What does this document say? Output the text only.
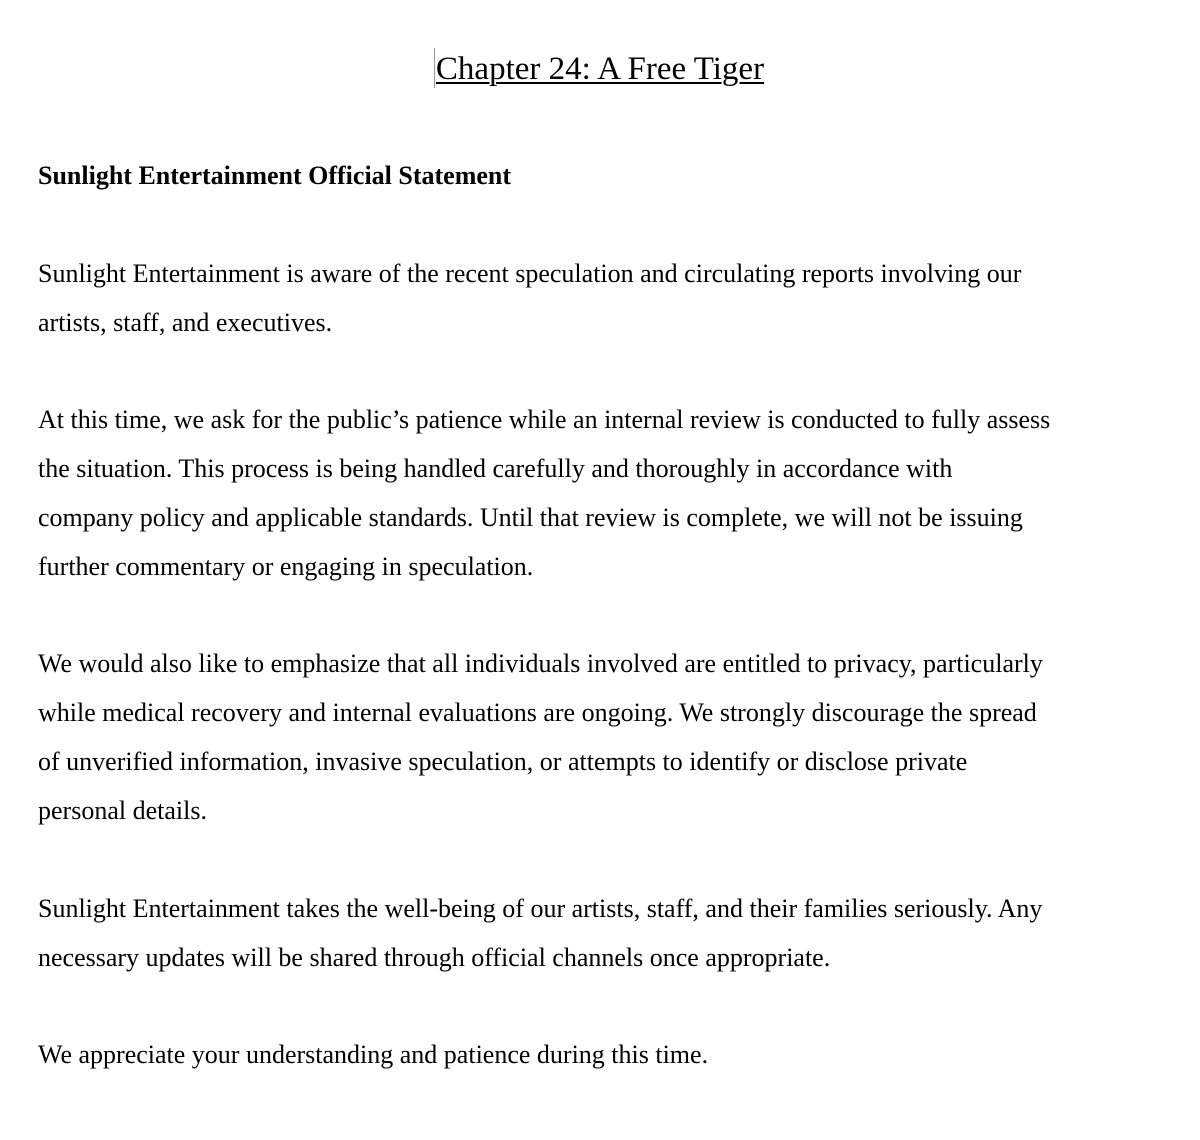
Chapter 24: A Free Tiger

Sunlight Entertainment Official Statement

Sunlight Entertainment is aware of the recent speculation and circulating reports involving our
artists, staff, and executives.

At this time, we ask for the public’s patience while an internal review is conducted to fully assess
the situation. This process is being handled carefully and thoroughly in accordance with
company policy and applicable standards. Until that review is complete, we will not be issuing
further commentary or engaging in speculation.

We would also like to emphasize that all individuals involved are entitled to privacy, particularly
while medical recovery and internal evaluations are ongoing. We strongly discourage the spread
of unverified information, invasive speculation, or attempts to identify or disclose private
personal details.

Sunlight Entertainment takes the well-being of our artists, staff, and their families seriously. Any
necessary updates will be shared through official channels once appropriate.

We appreciate your understanding and patience during this time.
